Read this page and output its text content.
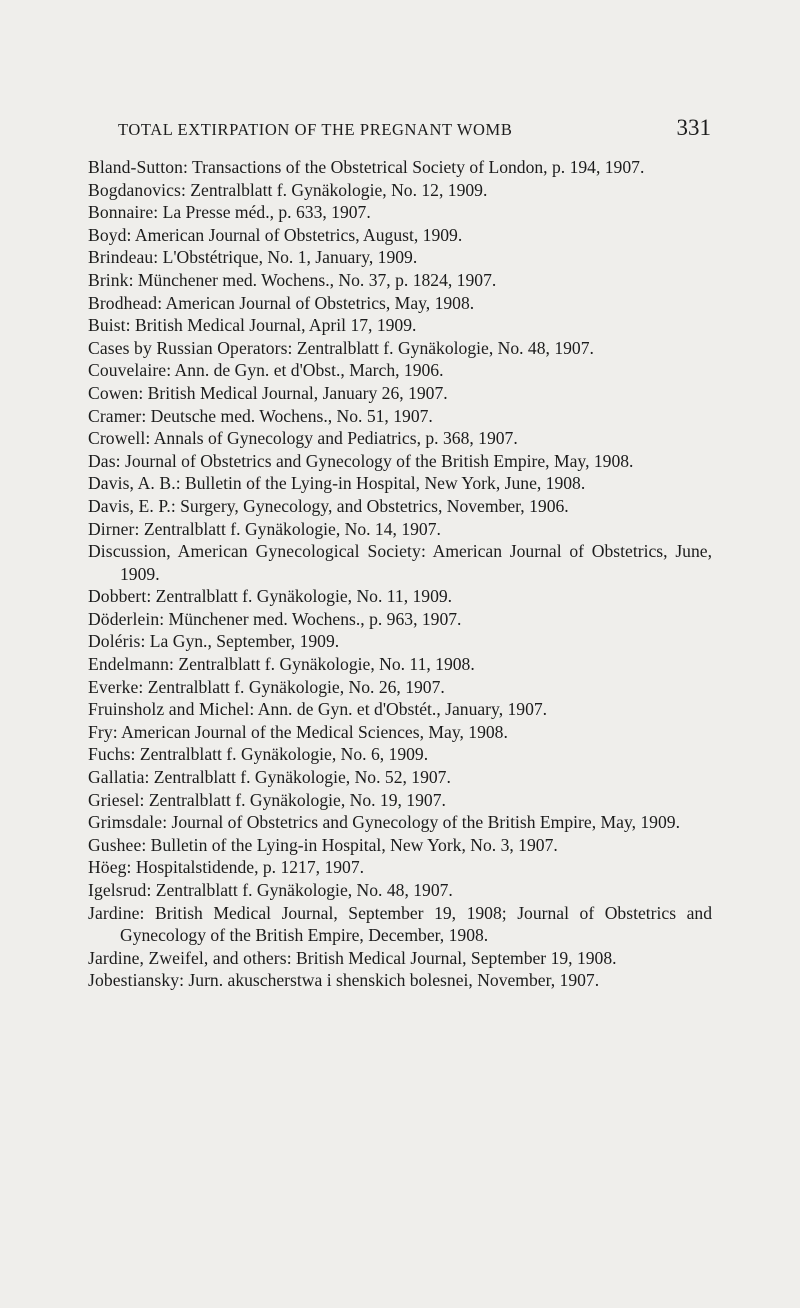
TOTAL EXTIRPATION OF THE PREGNANT WOMB	331
Bland-Sutton: Transactions of the Obstetrical Society of London, p. 194, 1907.
Bogdanovics: Zentralblatt f. Gynäkologie, No. 12, 1909.
Bonnaire: La Presse méd., p. 633, 1907.
Boyd: American Journal of Obstetrics, August, 1909.
Brindeau: L'Obstétrique, No. 1, January, 1909.
Brink: Münchener med. Wochens., No. 37, p. 1824, 1907.
Brodhead: American Journal of Obstetrics, May, 1908.
Buist: British Medical Journal, April 17, 1909.
Cases by Russian Operators: Zentralblatt f. Gynäkologie, No. 48, 1907.
Couvelaire: Ann. de Gyn. et d'Obst., March, 1906.
Cowen: British Medical Journal, January 26, 1907.
Cramer: Deutsche med. Wochens., No. 51, 1907.
Crowell: Annals of Gynecology and Pediatrics, p. 368, 1907.
Das: Journal of Obstetrics and Gynecology of the British Empire, May, 1908.
Davis, A. B.: Bulletin of the Lying-in Hospital, New York, June, 1908.
Davis, E. P.: Surgery, Gynecology, and Obstetrics, November, 1906.
Dirner: Zentralblatt f. Gynäkologie, No. 14, 1907.
Discussion, American Gynecological Society: American Journal of Obstetrics, June, 1909.
Dobbert: Zentralblatt f. Gynäkologie, No. 11, 1909.
Döderlein: Münchener med. Wochens., p. 963, 1907.
Doléris: La Gyn., September, 1909.
Endelmann: Zentralblatt f. Gynäkologie, No. 11, 1908.
Everke: Zentralblatt f. Gynäkologie, No. 26, 1907.
Fruinsholz and Michel: Ann. de Gyn. et d'Obstét., January, 1907.
Fry: American Journal of the Medical Sciences, May, 1908.
Fuchs: Zentralblatt f. Gynäkologie, No. 6, 1909.
Gallatia: Zentralblatt f. Gynäkologie, No. 52, 1907.
Griesel: Zentralblatt f. Gynäkologie, No. 19, 1907.
Grimsdale: Journal of Obstetrics and Gynecology of the British Empire, May, 1909.
Gushee: Bulletin of the Lying-in Hospital, New York, No. 3, 1907.
Höeg: Hospitalstidende, p. 1217, 1907.
Igelsrud: Zentralblatt f. Gynäkologie, No. 48, 1907.
Jardine: British Medical Journal, September 19, 1908; Journal of Obstetrics and Gynecology of the British Empire, December, 1908.
Jardine, Zweifel, and others: British Medical Journal, September 19, 1908.
Jobestiansky: Jurn. akuscherstwa i shenskich bolesnei, November, 1907.
